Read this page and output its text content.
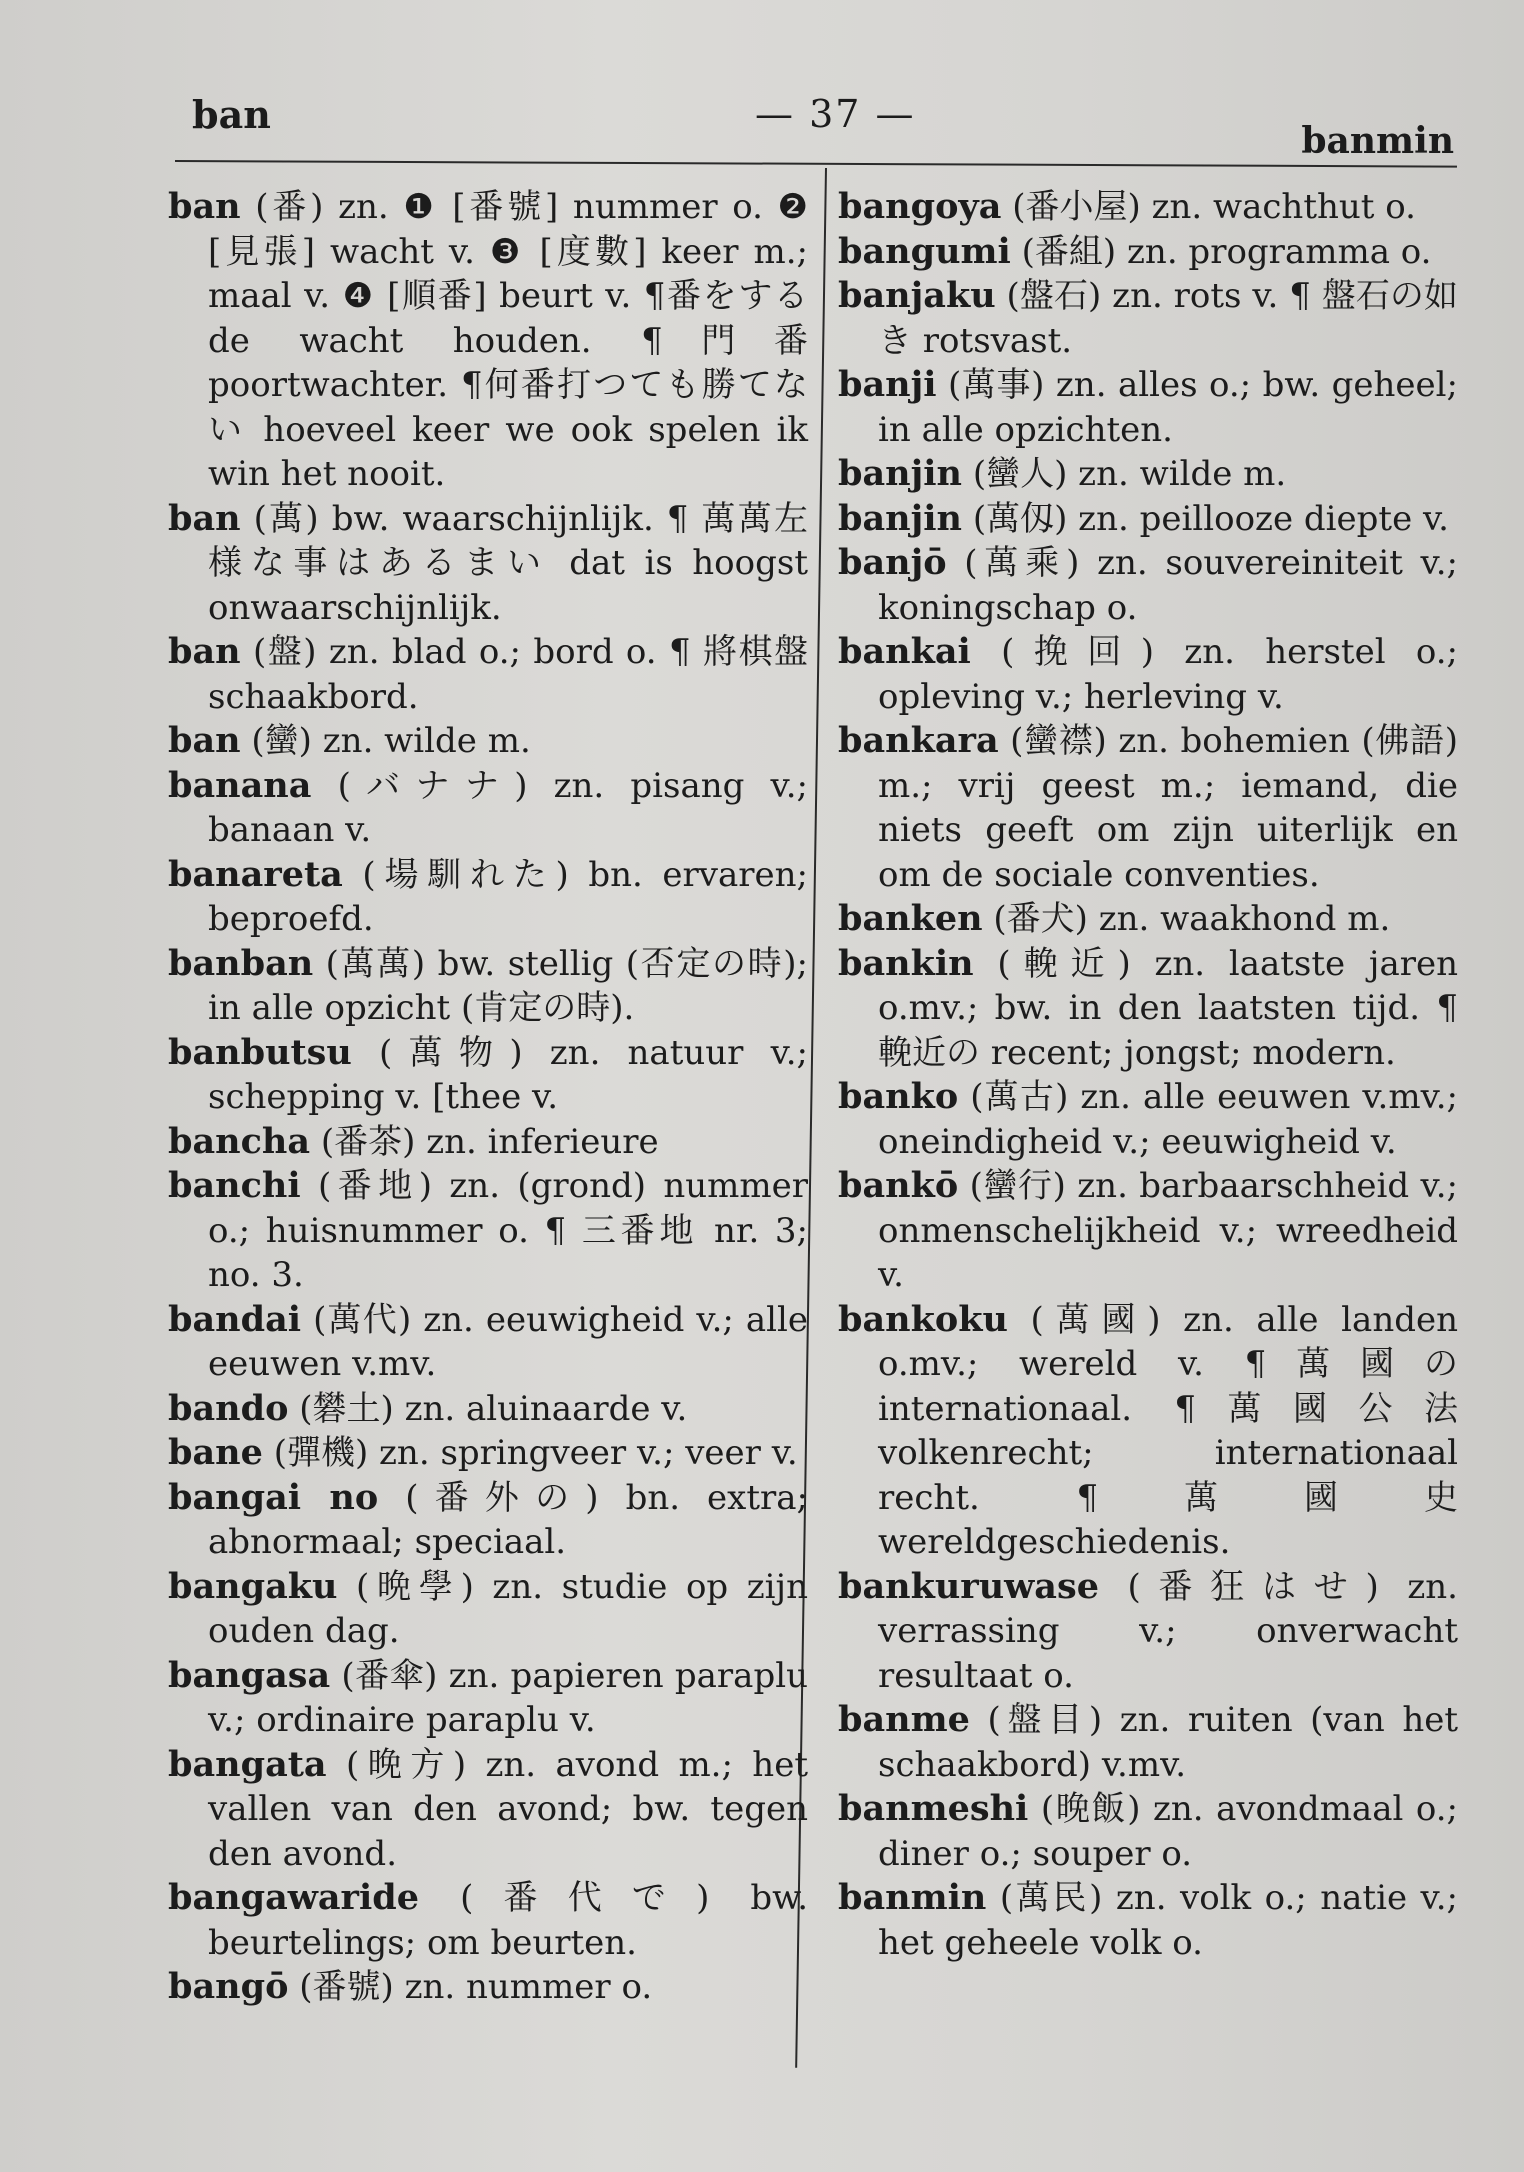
ban	— 37 —
banmin

ban (番) zn. ❶ [番號] nummer o. ❷ [見張] wacht v. ❸ [度數] keer m.; maal v. ❹ [順番] beurt v. ¶番をする de wacht houden. ¶門番 poortwachter. ¶何番打つても勝てない hoeveel keer we ook spelen ik win het nooit.

ban (萬) bw. waarschijnlijk. ¶ 萬萬左様な事はあるまい dat is hoogst onwaarschijnlijk.

ban (盤) zn. blad o.; bord o. ¶ 將棋盤 schaakbord.

ban (蠻) zn. wilde m.

banana (バナナ) zn. pisang v.; banaan v.

banareta (場馴れた) bn. ervaren; beproefd.

banban (萬萬) bw. stellig (否定の時); in alle opzicht (肯定の時).

banbutsu (萬物) zn. natuur v.; schepping v. [thee v.

bancha (番茶) zn. inferieure

banchi (番地) zn. (grond) nummer o.; huisnummer o. ¶ 三番地 nr. 3; no. 3.

bandai (萬代) zn. eeuwigheid v.; alle eeuwen v.mv.

bando (礬土) zn. aluinaarde v.

bane (彈機) zn. springveer v.; veer v.

bangai no (番外の) bn. extra; abnormaal; speciaal.

bangaku (晩學) zn. studie op zijn ouden dag.

bangasa (番傘) zn. papieren paraplu v.; ordinaire paraplu v.

bangata (晚方) zn. avond m.; het vallen van den avond; bw. tegen den avond.

bangawaride (番代で) bw. beurtelings; om beurten.

bangō (番號) zn. nummer o.

bangoya (番小屋) zn. wachthut o.

bangumi (番組) zn. programma o.

banjaku (盤石) zn. rots v. ¶ 盤石の如き rotsvast.

banji (萬事) zn. alles o.; bw. geheel; in alle opzichten.

banjin (蠻人) zn. wilde m.

banjin (萬仭) zn. peillooze diepte v.

banjō (萬乘) zn. souvereiniteit v.; koningschap o.

bankai (挽回) zn. herstel o.; opleving v.; herleving v.

bankara (蠻襟) zn. bohemien (佛語) m.; vrij geest m.; iemand, die niets geeft om zijn uiterlijk en om de sociale conventies.

banken (番犬) zn. waakhond m.

bankin (輓近) zn. laatste jaren o.mv.; bw. in den laatsten tijd. ¶輓近の recent; jongst; modern.

banko (萬古) zn. alle eeuwen v.mv.; oneindigheid v.; eeuwigheid v.

bankō (蠻行) zn. barbaarschheid v.; onmenschelijkheid v.; wreedheid v.

bankoku (萬國) zn. alle landen o.mv.; wereld v. ¶萬國の internationaal. ¶萬國公法 volkenrecht; internationaal recht. ¶萬國史 wereldgeschiedenis.

bankuruwase (番狂はせ) zn. verrassing v.; onverwacht resultaat o.

banme (盤目) zn. ruiten (van het schaakbord) v.mv.

banmeshi (晚飯) zn. avondmaal o.; diner o.; souper o.

banmin (萬民) zn. volk o.; natie v.; het geheele volk o.
